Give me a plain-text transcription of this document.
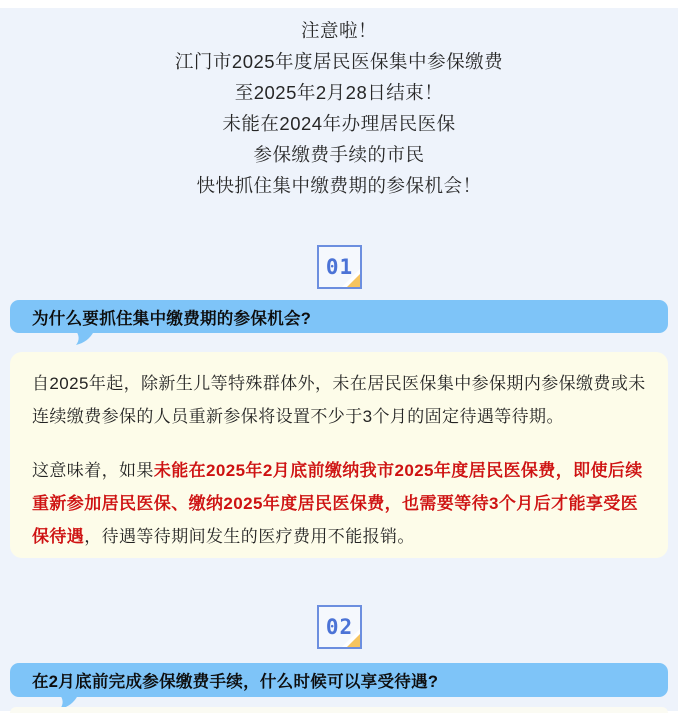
注意啦！
江门市2025年度居民医保集中参保缴费
至2025年2月28日结束！
未能在2024年办理居民医保
参保缴费手续的市民
快快抓住集中缴费期的参保机会！
01
为什么要抓住集中缴费期的参保机会?

自2025年起，除新生儿等特殊群体外，未在居民医保集中参保期内参保缴费或未连续缴费参保的人员重新参保将设置不少于3个月的固定待遇等待期。

这意味着，如果未能在2025年2月底前缴纳我市2025年度居民医保费，即使后续重新参加居民医保、缴纳2025年度居民医保费，也需要等待3个月后才能享受医保待遇，待遇等待期间发生的医疗费用不能报销。

02
在2月底前完成参保缴费手续，什么时候可以享受待遇?
